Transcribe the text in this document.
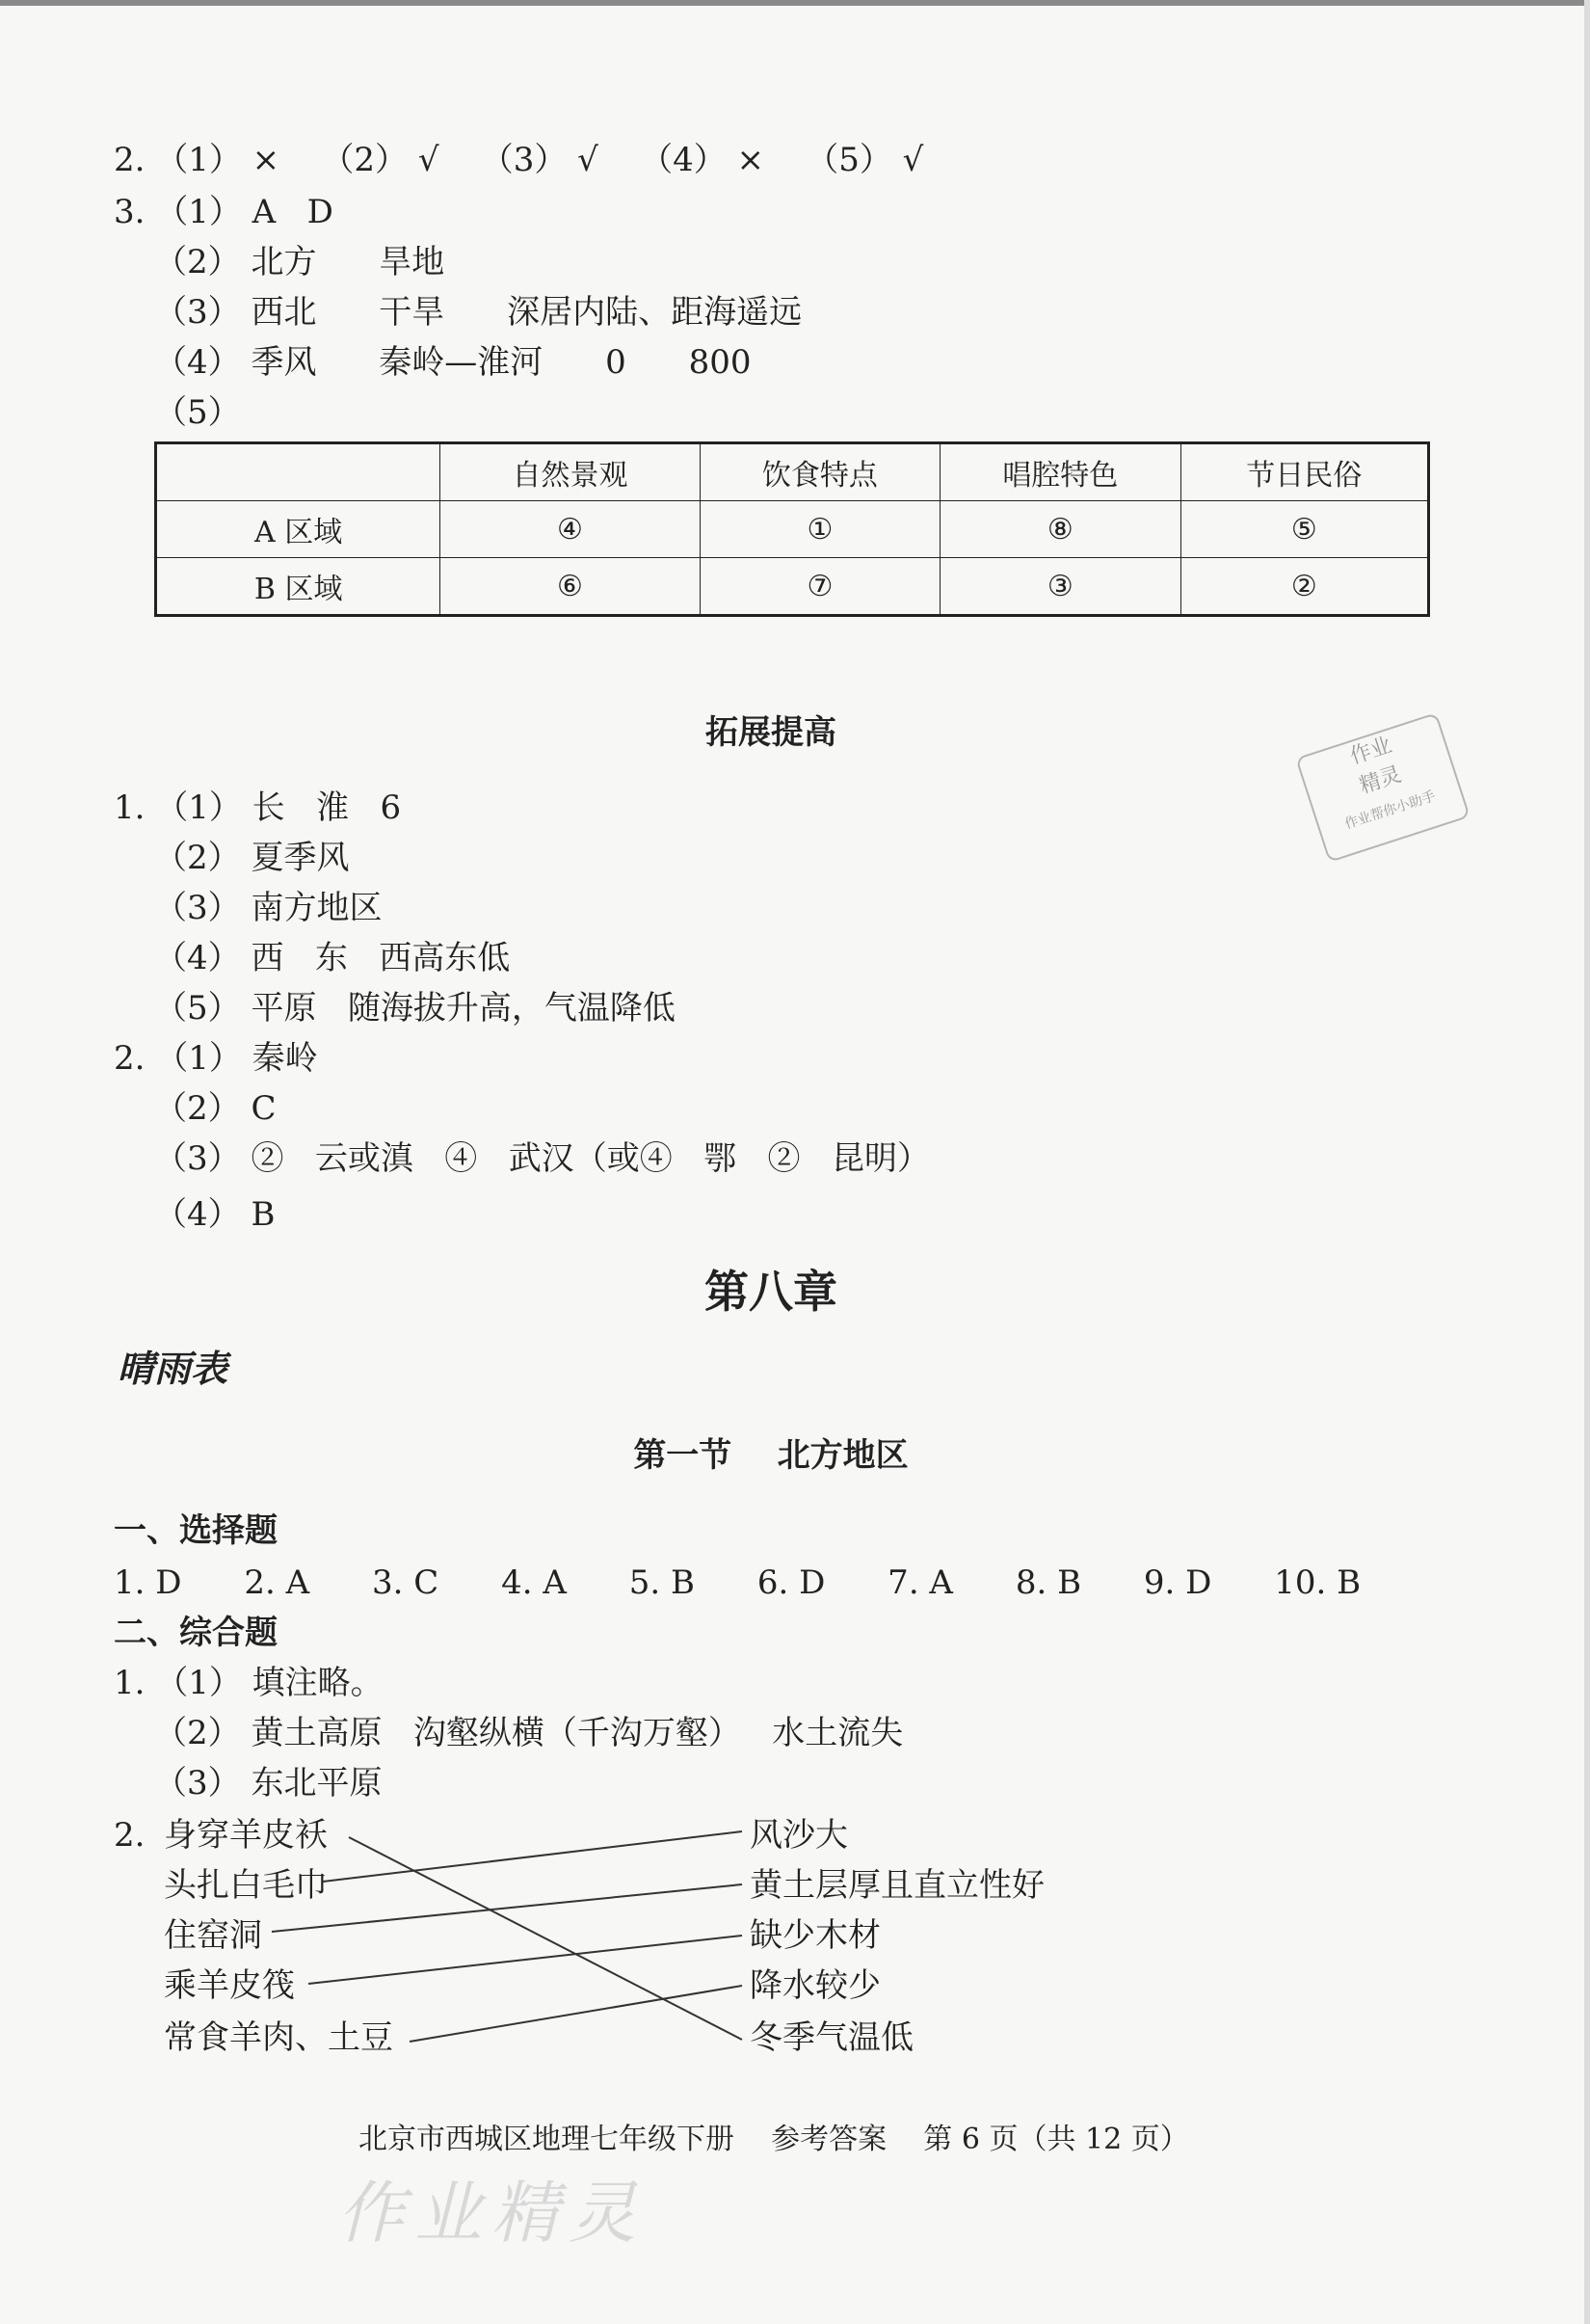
2. （1） ×    （2） √    （3） √    （4） ×    （5） √
3. （1） A   D
（2） 北方      旱地
（3） 西北      干旱      深居内陆、距海遥远
（4） 季风      秦岭—淮河      0      800
（5）
	自然景观	饮食特点	唱腔特色	节日民俗
A 区域	④	①	⑧	⑤
B 区域	⑥	⑦	③	②
拓展提高	作业
精灵
作业帮你小助手
1. （1） 长   淮   6
（2） 夏季风
（3） 南方地区
（4） 西   东   西高东低
（5） 平原   随海拔升高，气温降低
2. （1） 秦岭
（2） C
（3） ②   云或滇   ④   武汉（或④   鄂   ②   昆明）
（4） B
第八章
晴雨表
第一节    北方地区
一、选择题
1. D      2. A      3. C      4. A      5. B      6. D      7. A      8. B      9. D      10. B
二、综合题
1. （1） 填注略。
（2） 黄土高原   沟壑纵横（千沟万壑）   水土流失
（3） 东北平原
2. 身穿羊皮袄
头扎白毛巾
住窑洞
乘羊皮筏
常食羊肉、土豆
风沙大
黄土层厚且直立性好
缺少木材
降水较少
冬季气温低
北京市西城区地理七年级下册    参考答案    第 6 页（共 12 页）
作业精灵
